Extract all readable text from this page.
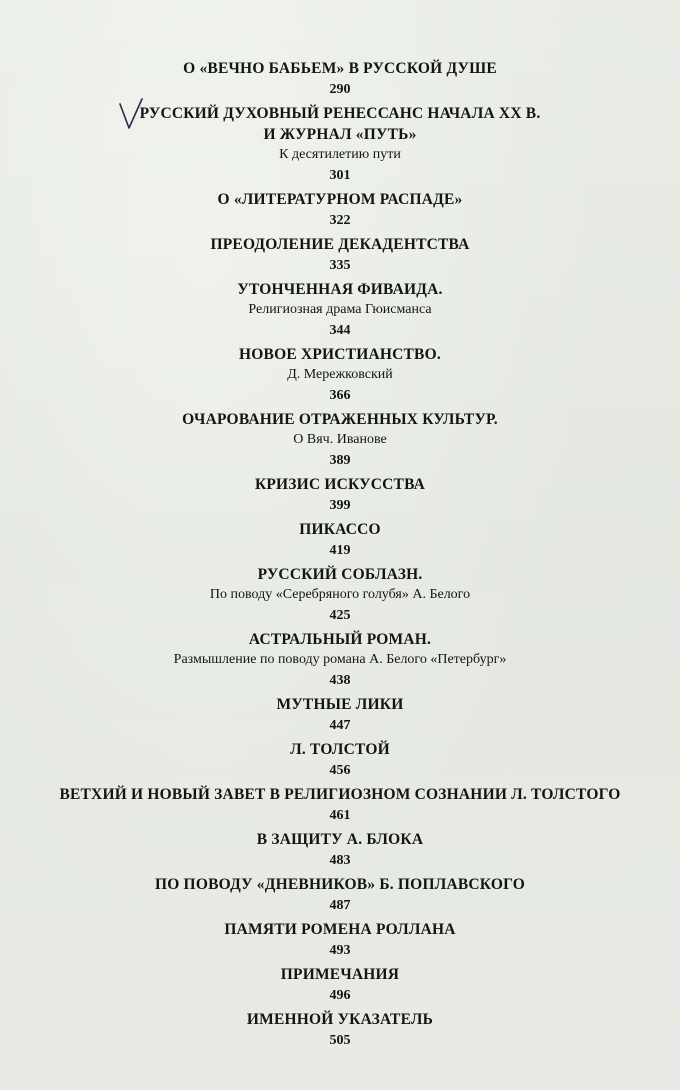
О «ВЕЧНО БАБЬЕМ» В РУССКОЙ ДУШЕ
290
РУССКИЙ ДУХОВНЫЙ РЕНЕССАНС НАЧАЛА XX В.
И ЖУРНАЛ «ПУТЬ»
К десятилетию пути
301
О «ЛИТЕРАТУРНОМ РАСПАДЕ»
322
ПРЕОДОЛЕНИЕ ДЕКАДЕНТСТВА
335
УТОНЧЕННАЯ ФИВАИДА.
Религиозная драма Гюисманса
344
НОВОЕ ХРИСТИАНСТВО.
Д. Мережковский
366
ОЧАРОВАНИЕ ОТРАЖЕННЫХ КУЛЬТУР.
О Вяч. Иванове
389
КРИЗИС ИСКУССТВА
399
ПИКАССО
419
РУССКИЙ СОБЛАЗН.
По поводу «Серебряного голубя» А. Белого
425
АСТРАЛЬНЫЙ РОМАН.
Размышление по поводу романа А. Белого «Петербург»
438
МУТНЫЕ ЛИКИ
447
Л. ТОЛСТОЙ
456
ВЕТХИЙ И НОВЫЙ ЗАВЕТ В РЕЛИГИОЗНОМ СОЗНАНИИ Л. ТОЛСТОГО
461
В ЗАЩИТУ А. БЛОКА
483
ПО ПОВОДУ «ДНЕВНИКОВ» Б. ПОПЛАВСКОГО
487
ПАМЯТИ РОМЕНА РОЛЛАНА
493
ПРИМЕЧАНИЯ
496
ИМЕННОЙ УКАЗАТЕЛЬ
505
